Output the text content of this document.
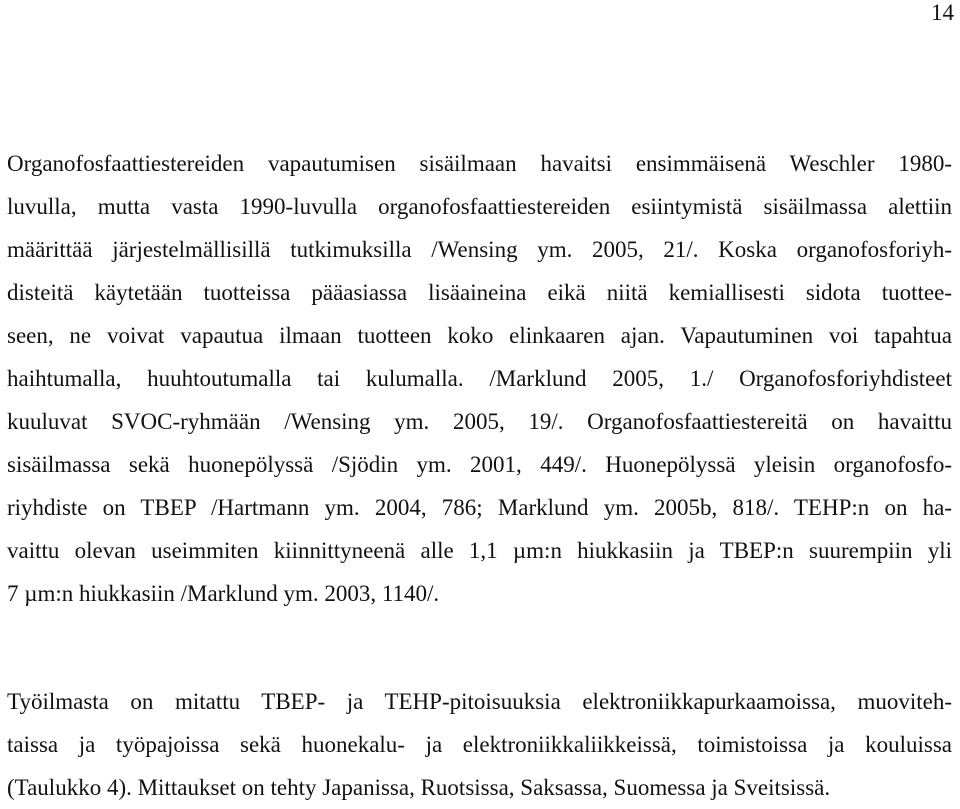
14
Organofosfaattiestereiden vapautumisen sisäilmaan havaitsi ensimmäisenä Weschler 1980-
luvulla, mutta vasta 1990-luvulla organofosfaattiestereiden esiintymistä sisäilmassa alettiin
määrittää järjestelmällisillä tutkimuksilla /Wensing ym. 2005, 21/. Koska organofosforiyh-
disteitä käytetään tuotteissa pääasiassa lisäaineina eikä niitä kemiallisesti sidota tuottee-
seen, ne voivat vapautua ilmaan tuotteen koko elinkaaren ajan. Vapautuminen voi tapahtua
haihtumalla, huuhtoutumalla tai kulumalla. /Marklund 2005, 1./ Organofosforiyhdisteet
kuuluvat SVOC-ryhmään /Wensing ym. 2005, 19/. Organofosfaattiestereitä on havaittu
sisäilmassa sekä huonepölyssä /Sjödin ym. 2001, 449/. Huonepölyssä yleisin organofosfo-
riyhdiste on TBEP /Hartmann ym. 2004, 786; Marklund ym. 2005b, 818/. TEHP:n on ha-
vaittu olevan useimmiten kiinnittyneenä alle 1,1 µm:n hiukkasiin ja TBEP:n suurempiin yli
7 µm:n hiukkasiin /Marklund ym. 2003, 1140/.
Työilmasta on mitattu TBEP- ja TEHP-pitoisuuksia elektroniikkapurkaamoissa, muoviteh-
taissa ja työpajoissa sekä huonekalu- ja elektroniikkaliikkeissä, toimistoissa ja kouluissa
(Taulukko 4). Mittaukset on tehty Japanissa, Ruotsissa, Saksassa, Suomessa ja Sveitsissä.
